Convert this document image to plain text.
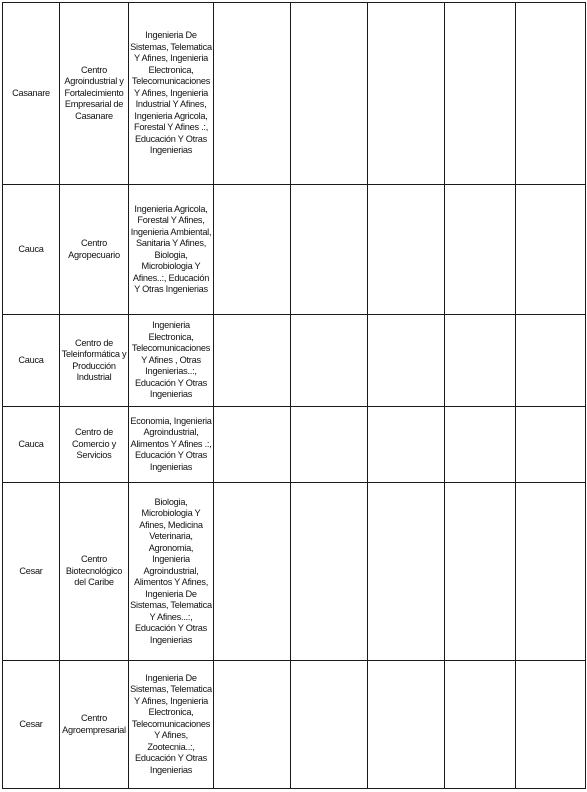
Casanare	Centro Agroindustrial y Fortalecimiento Empresarial de Casanare	Ingenieria De Sistemas, Telematica Y Afines, Ingenieria Electronica, Telecomunicaciones Y Afines, Ingenieria Industrial Y Afines, Ingenieria Agricola, Forestal Y Afines .:, Educación Y Otras Ingenierias					
Cauca	Centro Agropecuario	Ingenieria Agricola, Forestal Y Afines, Ingenieria Ambiental, Sanitaria Y Afines, Biologia, Microbiologia Y Afines..:, Educación Y Otras Ingenierias					
Cauca	Centro de Teleinformática y Producción Industrial	Ingenieria Electronica, Telecomunicaciones Y Afines , Otras Ingenierias..:, Educación Y Otras Ingenierias					
Cauca	Centro de Comercio y Servicios	Economia, Ingenieria Agroindustrial, Alimentos Y Afines .:, Educación Y Otras Ingenierias					
Cesar	Centro Biotecnológico del Caribe	Biologia, Microbiologia Y Afines, Medicina Veterinaria, Agronomia, Ingenieria Agroindustrial, Alimentos Y Afines, Ingenieria De Sistemas, Telematica Y Afines...:, Educación Y Otras Ingenierias					
Cesar	Centro Agroempresarial	Ingenieria De Sistemas, Telematica Y Afines, Ingenieria Electronica, Telecomunicaciones Y Afines, Zootecnia..:, Educación Y Otras Ingenierias					
